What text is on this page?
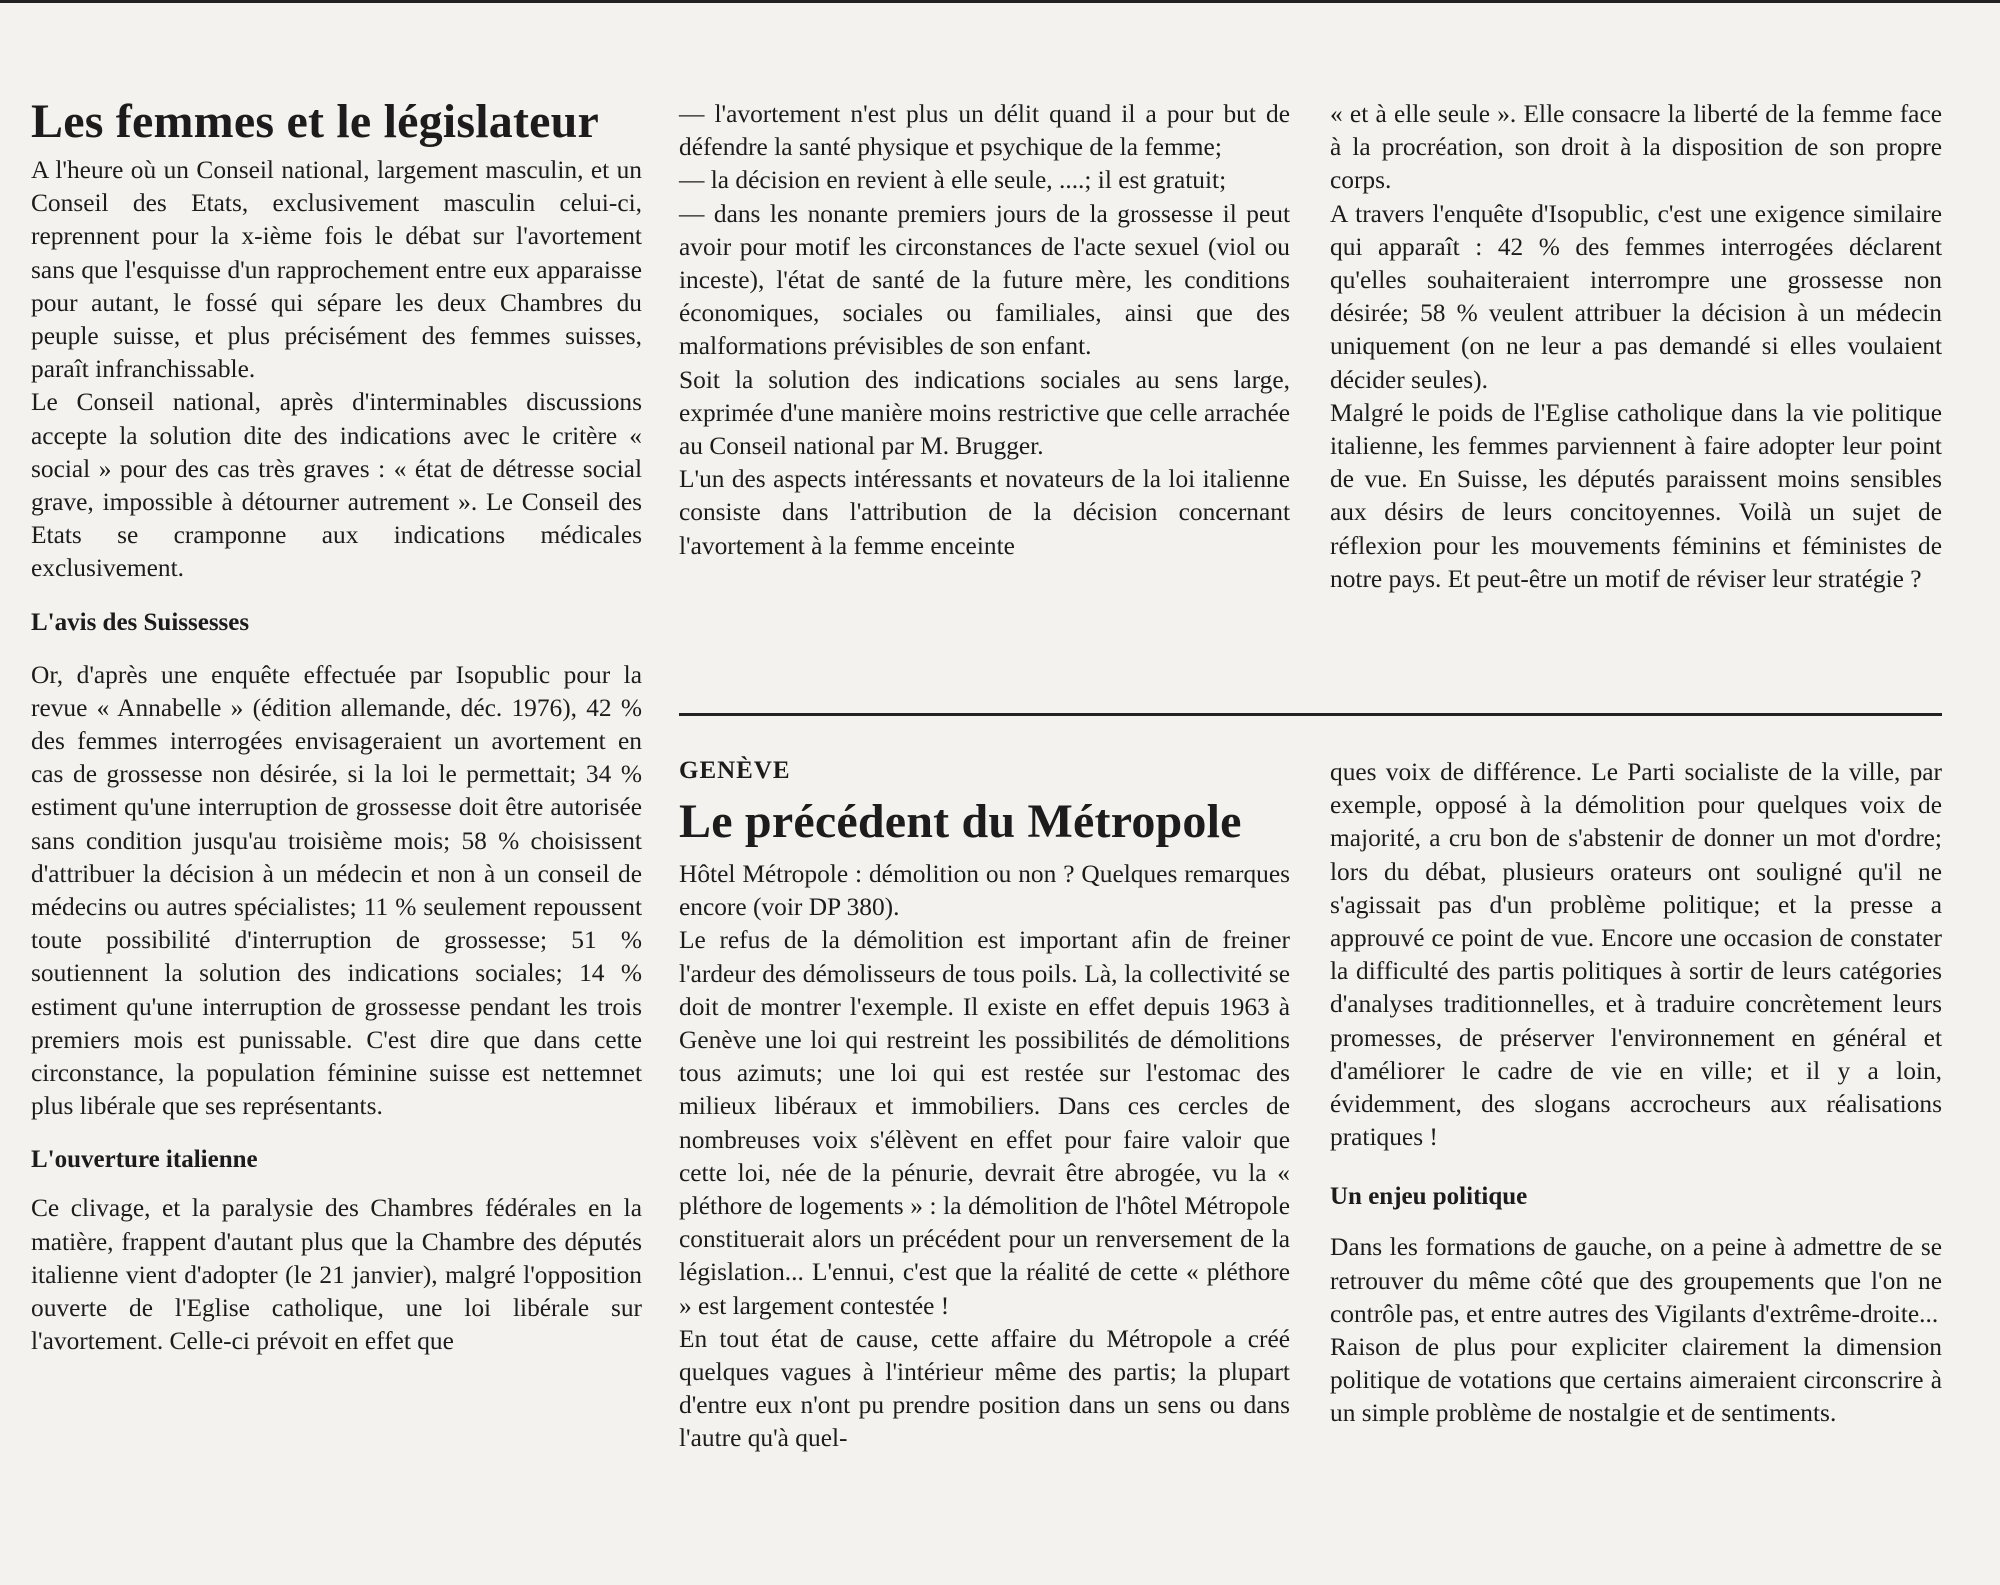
Les femmes et le législateur

A l'heure où un Conseil national, largement masculin, et un Conseil des Etats, exclusivement masculin celui-ci, reprennent pour la x-ième fois le débat sur l'avortement sans que l'esquisse d'un rapprochement entre eux apparaisse pour autant, le fossé qui sépare les deux Chambres du peuple suisse, et plus précisément des femmes suisses, paraît infranchissable.

Le Conseil national, après d'interminables discussions accepte la solution dite des indications avec le critère « social » pour des cas très graves : « état de détresse social grave, impossible à détourner autrement ». Le Conseil des Etats se cramponne aux indications médicales exclusivement.

L'avis des Suissesses

Or, d'après une enquête effectuée par Isopublic pour la revue « Annabelle » (édition allemande, déc. 1976), 42 % des femmes interrogées envisageraient un avortement en cas de grossesse non désirée, si la loi le permettait; 34 % estiment qu'une interruption de grossesse doit être autorisée sans condition jusqu'au troisième mois; 58 % choisissent d'attribuer la décision à un médecin et non à un conseil de médecins ou autres spécialistes; 11 % seulement repoussent toute possibilité d'interruption de grossesse; 51 % soutiennent la solution des indications sociales; 14 % estiment qu'une interruption de grossesse pendant les trois premiers mois est punissable. C'est dire que dans cette circonstance, la population féminine suisse est nettemnet plus libérale que ses représentants.

L'ouverture italienne

Ce clivage, et la paralysie des Chambres fédérales en la matière, frappent d'autant plus que la Chambre des députés italienne vient d'adopter (le 21 janvier), malgré l'opposition ouverte de l'Eglise catholique, une loi libérale sur l'avortement. Celle-ci prévoit en effet que

— l'avortement n'est plus un délit quand il a pour but de défendre la santé physique et psychique de la femme;

— la décision en revient à elle seule, ....; il est gratuit;

— dans les nonante premiers jours de la grossesse il peut avoir pour motif les circonstances de l'acte sexuel (viol ou inceste), l'état de santé de la future mère, les conditions économiques, sociales ou familiales, ainsi que des malformations prévisibles de son enfant.

Soit la solution des indications sociales au sens large, exprimée d'une manière moins restrictive que celle arrachée au Conseil national par M. Brugger.

L'un des aspects intéressants et novateurs de la loi italienne consiste dans l'attribution de la décision concernant l'avortement à la femme enceinte

« et à elle seule ». Elle consacre la liberté de la femme face à la procréation, son droit à la disposition de son propre corps.

A travers l'enquête d'Isopublic, c'est une exigence similaire qui apparaît : 42 % des femmes interrogées déclarent qu'elles souhaiteraient interrompre une grossesse non désirée; 58 % veulent attribuer la décision à un médecin uniquement (on ne leur a pas demandé si elles voulaient décider seules).

Malgré le poids de l'Eglise catholique dans la vie politique italienne, les femmes parviennent à faire adopter leur point de vue. En Suisse, les députés paraissent moins sensibles aux désirs de leurs concitoyennes. Voilà un sujet de réflexion pour les mouvements féminins et féministes de notre pays. Et peut-être un motif de réviser leur stratégie ?

GENÈVE
Le précédent du Métropole

Hôtel Métropole : démolition ou non ? Quelques remarques encore (voir DP 380).

Le refus de la démolition est important afin de freiner l'ardeur des démolisseurs de tous poils. Là, la collectivité se doit de montrer l'exemple. Il existe en effet depuis 1963 à Genève une loi qui restreint les possibilités de démolitions tous azimuts; une loi qui est restée sur l'estomac des milieux libéraux et immobiliers. Dans ces cercles de nombreuses voix s'élèvent en effet pour faire valoir que cette loi, née de la pénurie, devrait être abrogée, vu la « pléthore de logements » : la démolition de l'hôtel Métropole constituerait alors un précédent pour un renversement de la législation... L'ennui, c'est que la réalité de cette « pléthore » est largement contestée !

En tout état de cause, cette affaire du Métropole a créé quelques vagues à l'intérieur même des partis; la plupart d'entre eux n'ont pu prendre position dans un sens ou dans l'autre qu'à quel-

ques voix de différence. Le Parti socialiste de la ville, par exemple, opposé à la démolition pour quelques voix de majorité, a cru bon de s'abstenir de donner un mot d'ordre; lors du débat, plusieurs orateurs ont souligné qu'il ne s'agissait pas d'un problème politique; et la presse a approuvé ce point de vue. Encore une occasion de constater la difficulté des partis politiques à sortir de leurs catégories d'analyses traditionnelles, et à traduire concrètement leurs promesses, de préserver l'environnement en général et d'améliorer le cadre de vie en ville; et il y a loin, évidemment, des slogans accrocheurs aux réalisations pratiques !

Un enjeu politique

Dans les formations de gauche, on a peine à admettre de se retrouver du même côté que des groupements que l'on ne contrôle pas, et entre autres des Vigilants d'extrême-droite...

Raison de plus pour expliciter clairement la dimension politique de votations que certains aimeraient circonscrire à un simple problème de nostalgie et de sentiments.
